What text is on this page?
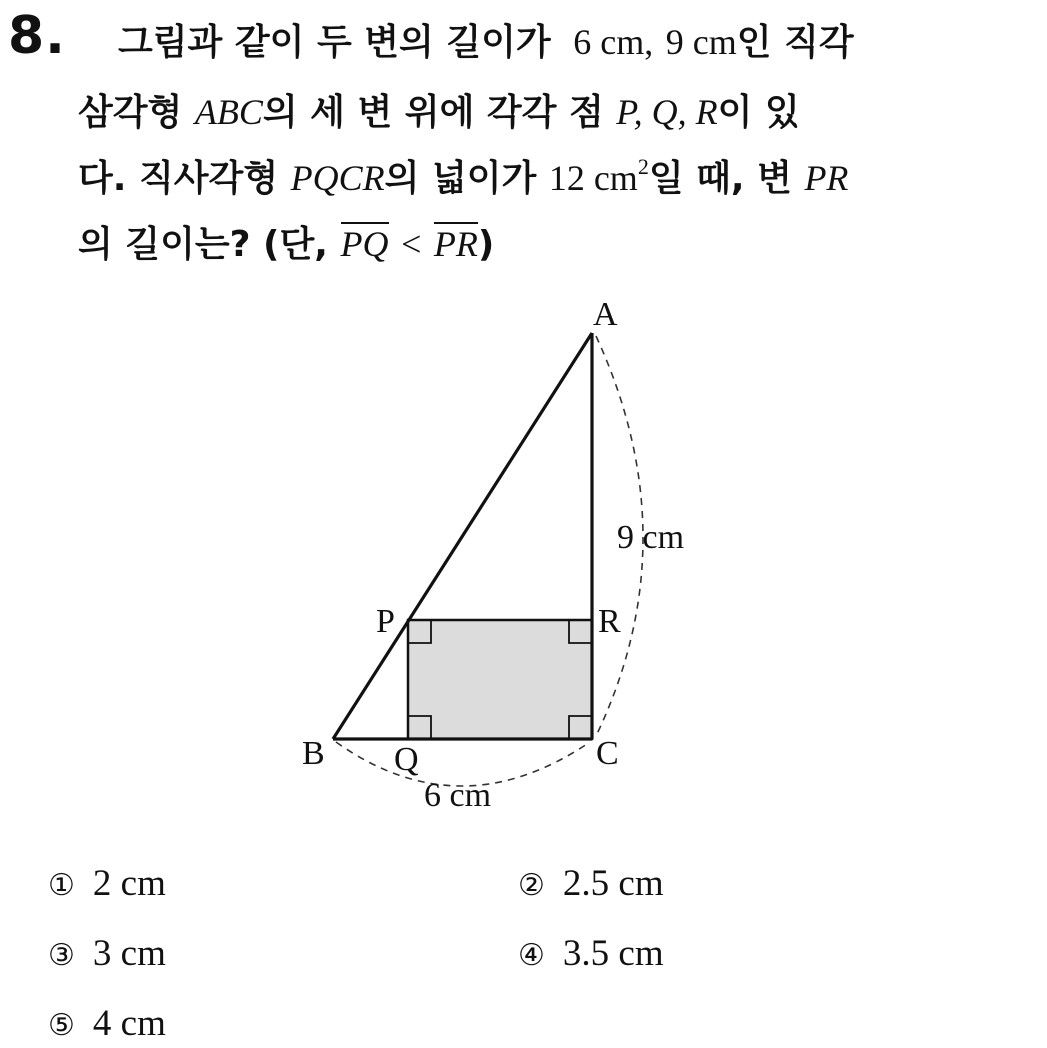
8. 그림과 같이 두 변의 길이가 6 cm, 9 cm인 직각
삼각형 ABC의 세 변 위에 각각 점 P, Q, R이 있
다. 직사각형 PQCR의 넓이가 12 $cm^2$일 때, 변 PR
의 길이는? (단, PQ < PR)
A
B	C
P
Q
R
6 cm
9 cm
① 2 cm	② 2.5 cm
③ 3 cm	④ 3.5 cm
⑤ 4 cm
